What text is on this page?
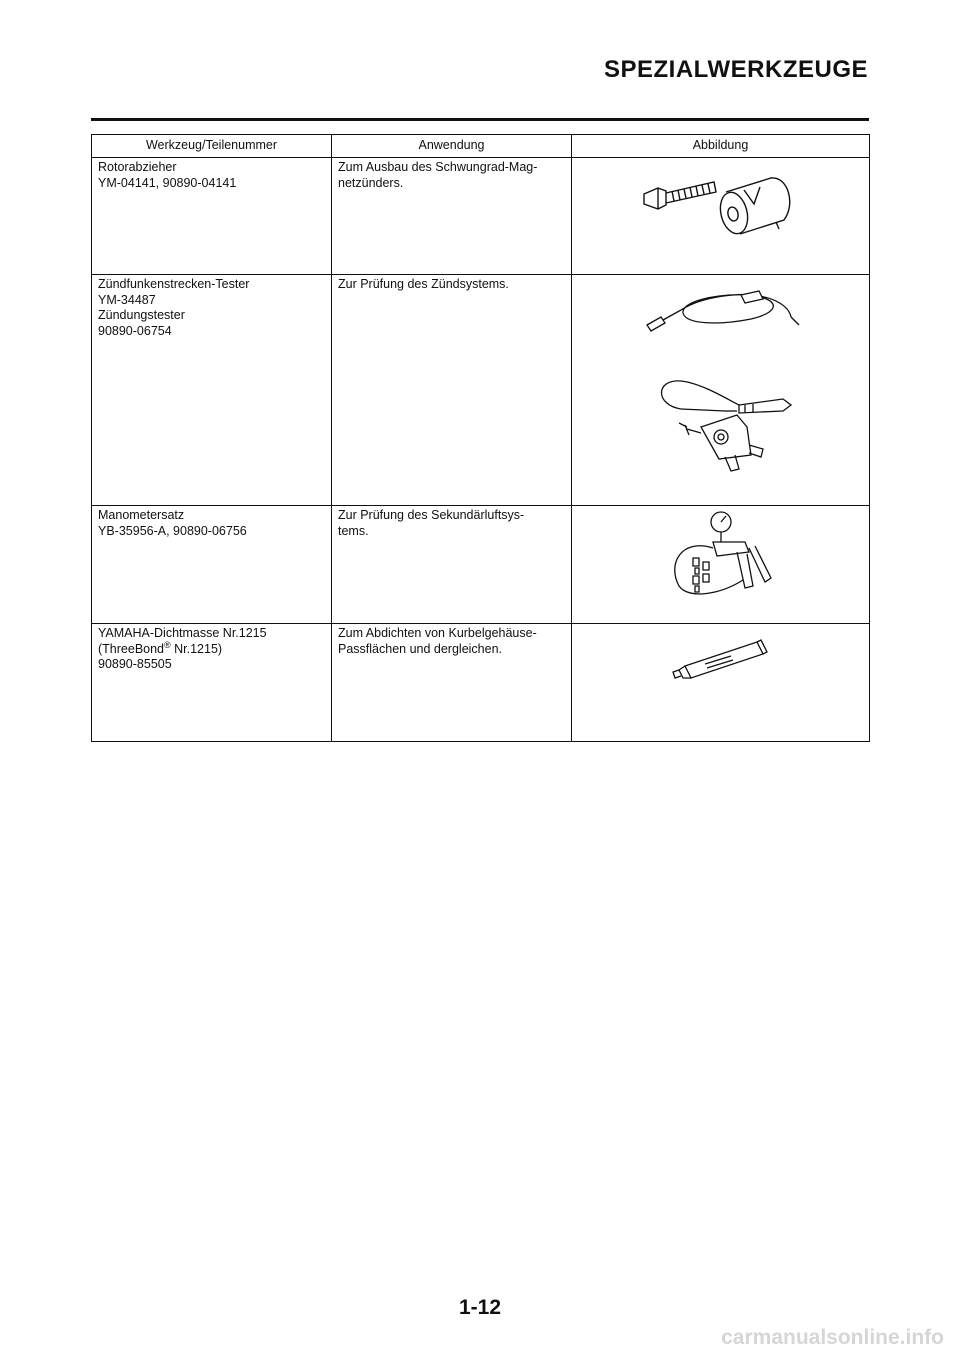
SPEZIALWERKZEUGE
Werkzeug/Teilenummer	Anwendung	Abbildung

Rotorabzieher
YM-04141, 90890-04141	Zum Ausbau des Schwungrad-Mag-
netzünders.

Zündfunkenstrecken-Tester
YM-34487
Zündungstester
90890-06754	Zur Prüfung des Zündsystems.

Manometersatz
YB-35956-A, 90890-06756	Zur Prüfung des Sekundärluftsys-
tems.

YAMAHA-Dichtmasse Nr.1215
(ThreeBond® Nr.1215)
90890-85505	Zum Abdichten von Kurbelgehäuse-
Passflächen und dergleichen.

1-12
carmanualsonline.info
